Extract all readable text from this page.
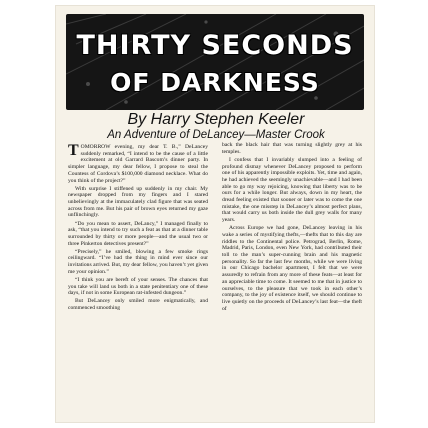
THIRTY SECONDS
OF DARKNESS
By Harry Stephen Keeler
An Adventure of DeLancey—Master Crook

TOMORROW evening, my dear T. B.,” DeLancey suddenly remarked, “I intend to be the cause of a little excitement at old Garrard Bascom’s dinner party. In simpler language, my dear fellow, I propose to steal the Countess of Cordova’s $100,000 diamond necklace. What do you think of the project?”

With surprise I stiffened up suddenly in my chair. My newspaper dropped from my fingers and I stared unbelievingly at the immaculately clad figure that was seated across from me. But his pair of brown eyes returned my gaze unflinchingly.

“Do you mean to assert, DeLancy,” I managed finally to ask, “that you intend to try such a feat as that at a dinner table surrounded by thirty or more people—and the usual two or three Pinkerton detectives present?”

“Precisely,” he smiled, blowing a few smoke rings ceilingward. “I’ve had the thing in mind ever since our invitations arrived. But, my dear fellow, you haven’t yet given me your opinion.”

“I think you are bereft of your senses. The chances that you take will land us both in a state penitentiary one of these days, if not in some European rat-infested dungeon.”

But DeLancey only smiled more enigmatically, and commenced smoothing

back the black hair that was turning slightly grey at his temples.

I confess that I invariably slumped into a feeling of profound dismay whenever DeLancey proposed to perform one of his apparently impossible exploits. Yet, time and again, he had achieved the seemingly unachievable—and I had been able to go my way rejoicing, knowing that liberty was to be ours for a while longer. But always, down in my heart, the dread feeling existed that sooner or later was to come the one mistake, the one misstep in DeLancey’s almost perfect plans, that would carry us both inside the dull grey walls for many years.

Across Europe we had gone, DeLancey leaving in his wake a series of mystifying thefts,—thefts that to this day are riddles to the Continental police. Petrograd, Berlin, Rome, Madrid, Paris, London, even New York, had contributed their toll to the man’s super-cunning brain and his magnetic personality. So far the last few months, while we were living in our Chicago bachelor apartment, I felt that we were assuredly to refrain from any more of these feats—at least for an appreciable time to come. It seemed to me that in justice to ourselves, to the pleasure that we took in each other’s company, to the joy of existence itself, we should continue to live quietly on the proceeds of DeLancey’s last feat—the theft of
